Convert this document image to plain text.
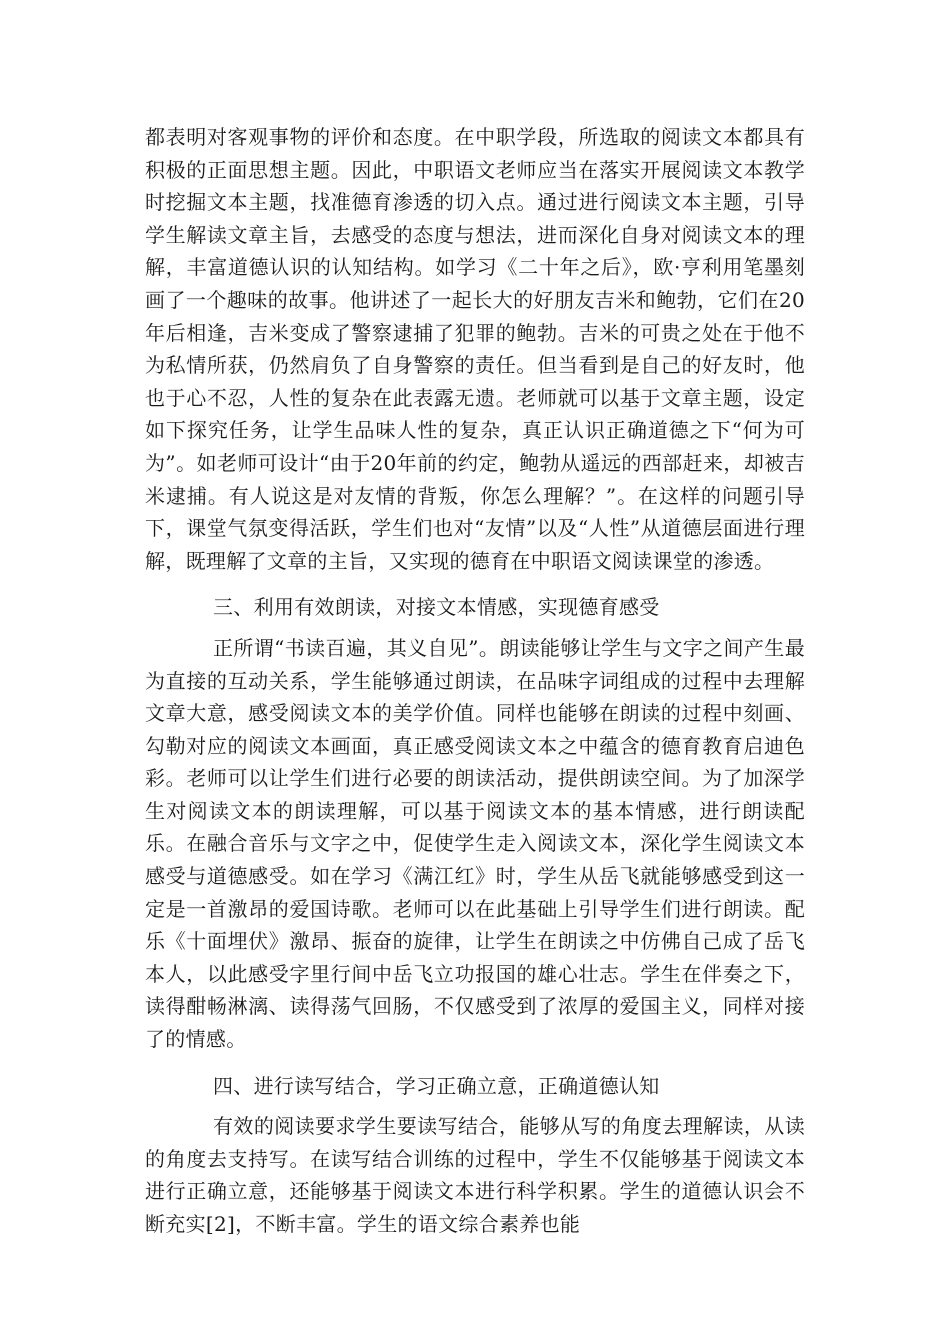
都表明对客观事物的评价和态度。在中职学段，所选取的阅读文本都具有积极的正面思想主题。因此，中职语文老师应当在落实开展阅读文本教学时挖掘文本主题，找准德育渗透的切入点。通过进行阅读文本主题，引导学生解读文章主旨，去感受的态度与想法，进而深化自身对阅读文本的理解，丰富道德认识的认知结构。如学习《二十年之后》，欧·亨利用笔墨刻画了一个趣味的故事。他讲述了一起长大的好朋友吉米和鲍勃，它们在20年后相逢，吉米变成了警察逮捕了犯罪的鲍勃。吉米的可贵之处在于他不为私情所获，仍然肩负了自身警察的责任。但当看到是自己的好友时，他也于心不忍，人性的复杂在此表露无遗。老师就可以基于文章主题，设定如下探究任务，让学生品味人性的复杂，真正认识正确道德之下“何为可为”。如老师可设计“由于20年前的约定，鲍勃从遥远的西部赶来，却被吉米逮捕。有人说这是对友情的背叛，你怎么理解？”。在这样的问题引导下，课堂气氛变得活跃，学生们也对“友情”以及“人性”从道德层面进行理解，既理解了文章的主旨，又实现的德育在中职语文阅读课堂的渗透。

三、利用有效朗读，对接文本情感，实现德育感受

正所谓“书读百遍，其义自见”。朗读能够让学生与文字之间产生最为直接的互动关系，学生能够通过朗读，在品味字词组成的过程中去理解文章大意，感受阅读文本的美学价值。同样也能够在朗读的过程中刻画、勾勒对应的阅读文本画面，真正感受阅读文本之中蕴含的德育教育启迪色彩。老师可以让学生们进行必要的朗读活动，提供朗读空间。为了加深学生对阅读文本的朗读理解，可以基于阅读文本的基本情感，进行朗读配乐。在融合音乐与文字之中，促使学生走入阅读文本，深化学生阅读文本感受与道德感受。如在学习《满江红》时，学生从岳飞就能够感受到这一定是一首激昂的爱国诗歌。老师可以在此基础上引导学生们进行朗读。配乐《十面埋伏》激昂、振奋的旋律，让学生在朗读之中仿佛自己成了岳飞本人，以此感受字里行间中岳飞立功报国的雄心壮志。学生在伴奏之下，读得酣畅淋漓、读得荡气回肠，不仅感受到了浓厚的爱国主义，同样对接了的情感。

四、进行读写结合，学习正确立意，正确道德认知

有效的阅读要求学生要读写结合，能够从写的角度去理解读，从读的角度去支持写。在读写结合训练的过程中，学生不仅能够基于阅读文本进行正确立意，还能够基于阅读文本进行科学积累。学生的道德认识会不断充实[2]，不断丰富。学生的语文综合素养也能
